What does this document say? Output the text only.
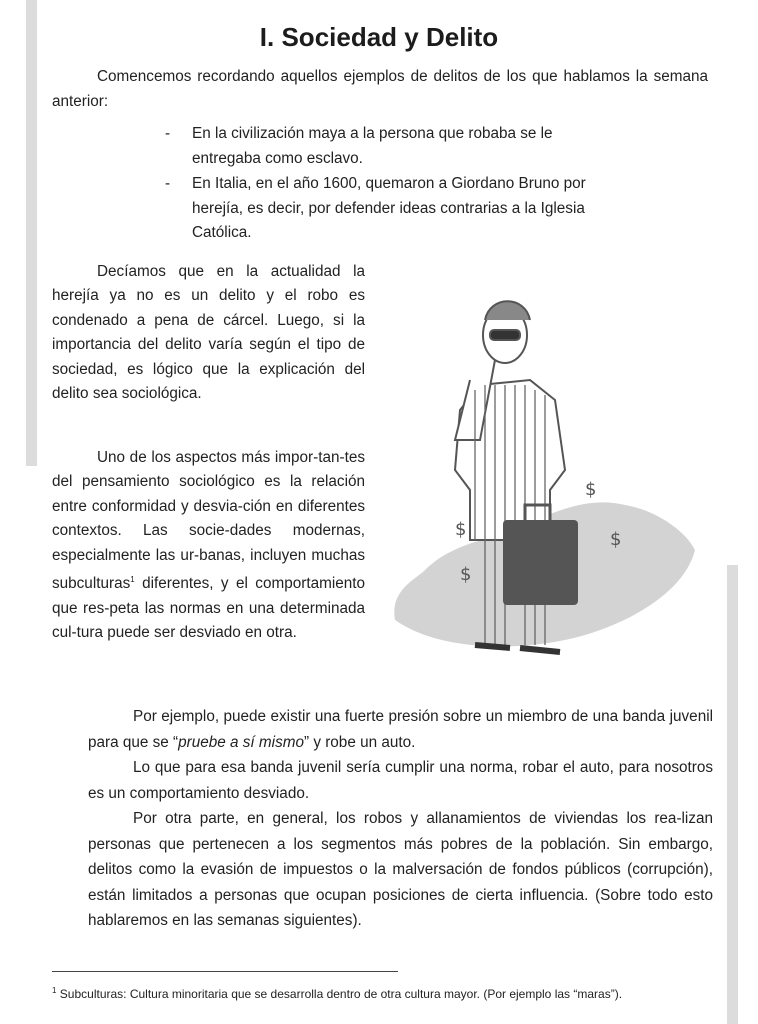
I. Sociedad y Delito

Comencemos recordando aquellos ejemplos de delitos de los que hablamos la semana anterior:

- En la civilización maya a la persona que robaba se le entregaba como esclavo.
- En Italia, en el año 1600, quemaron a Giordano Bruno por herejía, es decir, por defender ideas contrarias a la Iglesia Católica.

Decíamos que en la actualidad la herejía ya no es un delito y el robo es condenado a pena de cárcel. Luego, si la importancia del delito varía según el tipo de sociedad, es lógico que la explicación del delito sea sociológica.

Uno de los aspectos más impor-tan-tes del pensamiento sociológico es la relación entre conformidad y desvia-ción en diferentes contextos. Las socie-dades modernas, especialmente las ur-banas, incluyen muchas subculturas$^1$ diferentes, y el comportamiento que res-peta las normas en una determinada cul-tura puede ser desviado en otra.

$
$
$
$

Por ejemplo, puede existir una fuerte presión sobre un miembro de una banda juvenil para que se “pruebe a sí mismo” y robe un auto.

Lo que para esa banda juvenil sería cumplir una norma, robar el auto, para nosotros es un comportamiento desviado.

Por otra parte, en general, los robos y allanamientos de viviendas los rea-lizan personas que pertenecen a los segmentos más pobres de la población. Sin embargo, delitos como la evasión de impuestos o la malversación de fondos públicos (corrupción), están limitados a personas que ocupan posiciones de cierta influencia. (Sobre todo esto hablaremos en las semanas siguientes).

$^1$ Subculturas: Cultura minoritaria que se desarrolla dentro de otra cultura mayor. (Por ejemplo las “maras”).
